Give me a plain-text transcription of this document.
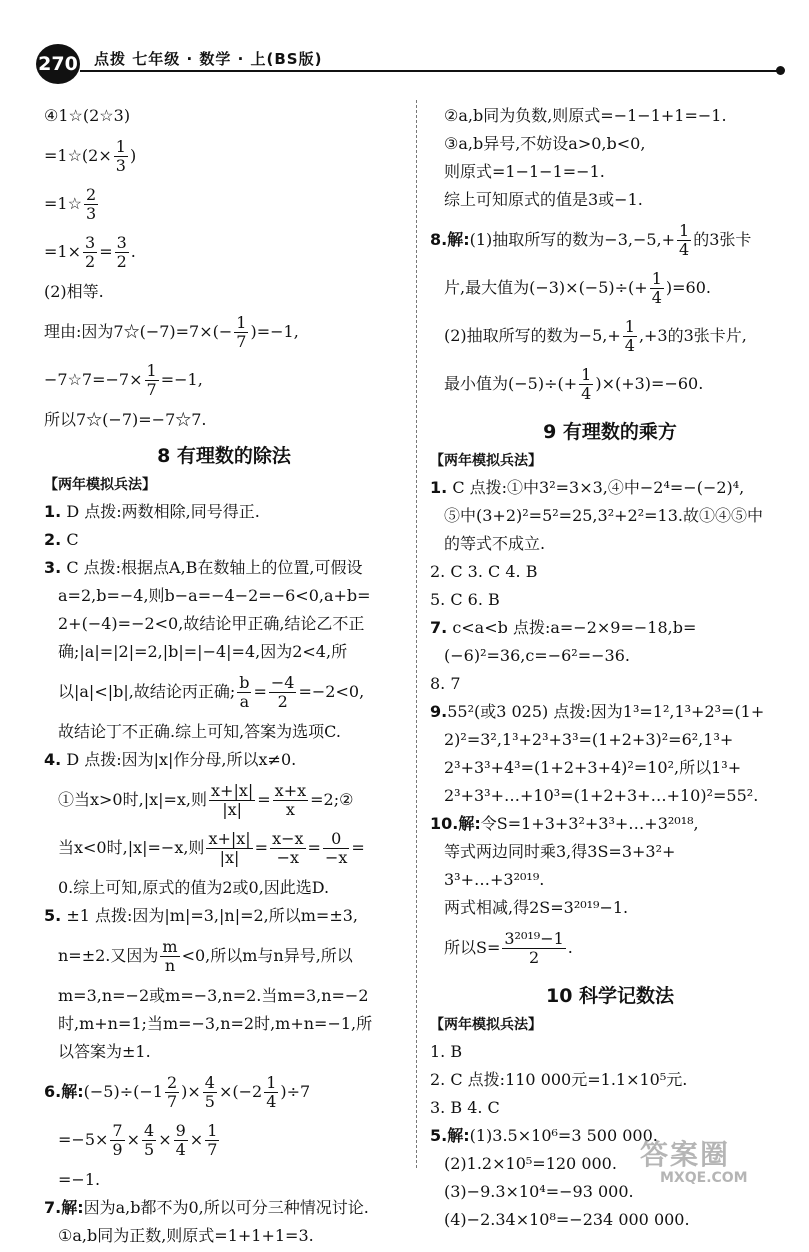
270 点拨 七年级 · 数学 · 上(BS版)
④1☆(2☆3)
=1☆(2× $\frac{1}{3}$ )
=1☆ $\frac{2}{3}$
$=1\times \frac{3}{2} = \frac{3}{2}$ .
(2)相等.
理由:因为7☆(−7)=7×(− $\frac{1}{7} )=-1$,
−7☆7=−7× $\frac{1}{7} =-1$,
所以7☆(−7)=−7☆7.
8 有理数的除法
【两年模拟兵法】
1. D 点拨:两数相除,同号得正.
2. C
3. C 点拨:根据点A,B在数轴上的位置,可假设
a=2,b=−4,则b−a=−4−2=−6<0,a+b=
2+(−4)=−2<0,故结论甲正确,结论乙不正
确;|a|=|2|=2,|b|=|−4|=4,因为2<4,所
以|a|<|b|,故结论丙正确; $\frac{b}{a} = \frac{-4}{2} =-2<0$,
故结论丁不正确.综上可知,答案为选项C.
4. D 点拨:因为|x|作分母,所以x≠0.
①当x>0时,|x|=x,则 $\frac{x+|x|}{|x|} = \frac{x+x}{x}$ =2;②
当x<0时,|x|=−x,则 $\frac{x+|x|}{|x|} = \frac{x-x}{-x} = \frac{0}{-x}$ =
0.综上可知,原式的值为2或0,因此选D.
5. ±1 点拨:因为|m|=3,|n|=2,所以m=±3,
n=±2.又因为 $\frac{m}{n} <0$,所以m与n异号,所以
m=3,n=−2或m=−3,n=2.当m=3,n=−2
时,m+n=1;当m=−3,n=2时,m+n=−1,所
以答案为±1.
6.解:(−5)÷(−1 $\frac{2}{7}$ )× $\frac{4}{5} \times(-2 \frac{1}{4} )\div 7$
$=-5\times \frac{7}{9} \times \frac{4}{5} \times \frac{9}{4} \times \frac{1}{7}$
=−1.
7.解:因为a,b都不为0,所以可分三种情况讨论.
①a,b同为正数,则原式=1+1+1=3.
②a,b同为负数,则原式=−1−1+1=−1.
③a,b异号,不妨设a>0,b<0,
则原式=1−1−1=−1.
综上可知原式的值是3或−1.
8.解:(1)抽取所写的数为$-3,-5,+ \frac{1}{4}$ 的3张卡
片,最大值为$(-3)\times(-5)\div(+ \frac{1}{4} )=60$.
(2)抽取所写的数为$-5,+ \frac{1}{4} ,+3$的3张卡片,
最小值为$(-5)\div(+ \frac{1}{4} )\times(+3)=-60$.
9 有理数的乘方
【两年模拟兵法】
1. C 点拨:①中3²=3×3,④中−2⁴=−(−2)⁴,
⑤中(3+2)²=5²=25,3²+2²=13.故①④⑤中
的等式不成立.
2. C 3. C 4. B
5. C 6. B
7. c<a<b 点拨:a=−2×9=−18,b=
(−6)²=36,c=−6²=−36.
8. 7
9.55²(或3 025) 点拨:因为1³=1²,1³+2³=(1+
2)²=3²,1³+2³+3³=(1+2+3)²=6²,1³+
2³+3³+4³=(1+2+3+4)²=10²,所以1³+
2³+3³+…+10³=(1+2+3+…+10)²=55².
10.解:令S=1+3+3²+3³+…+3²⁰¹⁸,
等式两边同时乘3,得3S=3+3²+
3³+…+3²⁰¹⁹.
两式相减,得2S=3²⁰¹⁹−1.
所以$S= \frac{\text{3²⁰¹⁹−1}}{2}$ .
10 科学记数法
【两年模拟兵法】
1. B
2. C 点拨:110 000元=1.1×10⁵元.
3. B 4. C
5.解:(1)3.5×10⁶=3 500 000.
(2)1.2×10⁵=120 000.
(3)−9.3×10⁴=−93 000.
(4)−2.34×10⁸=−234 000 000.
答案圈
MXQE.COM
